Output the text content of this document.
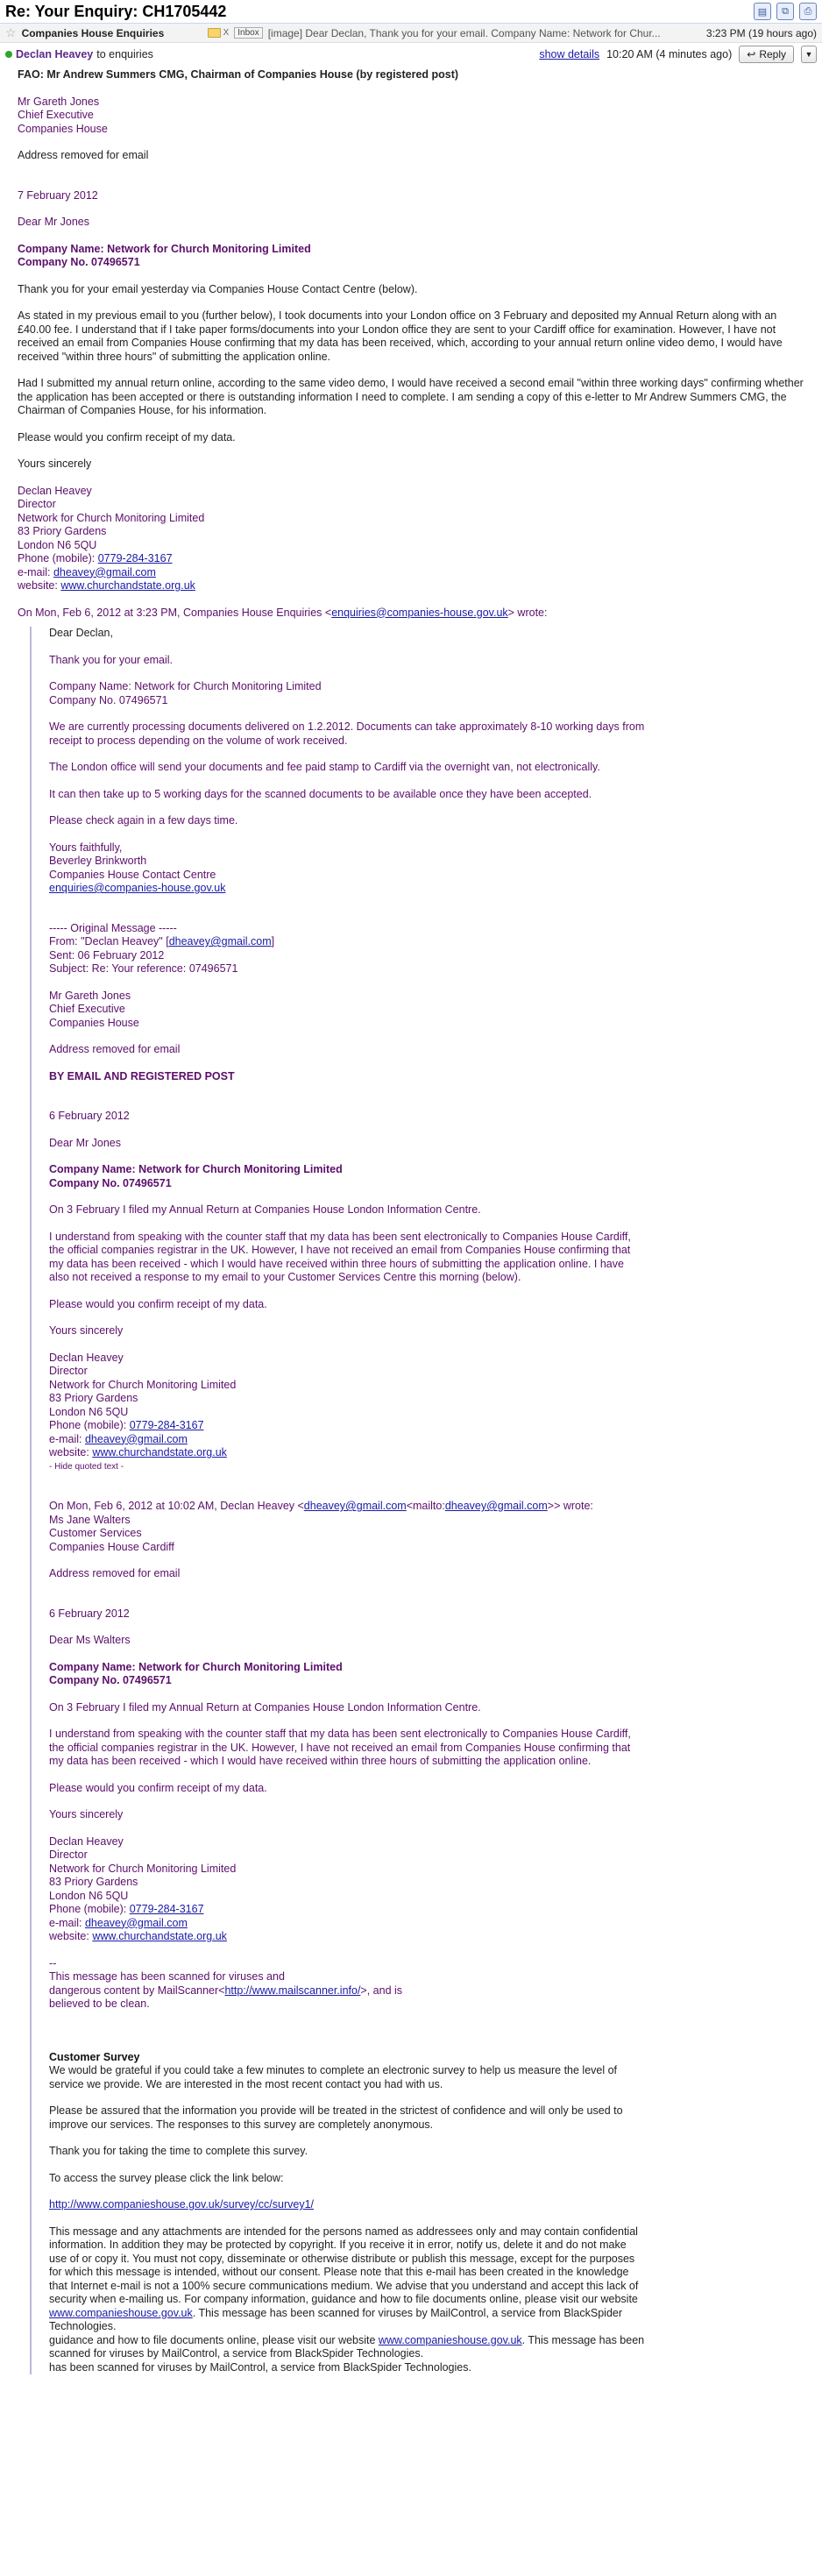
Re: Your Enquiry: CH1705442	▤	⧉	⎙
☆ Companies House Enquiries	X	Inbox [image] Dear Declan, Thank you for your email. Company Name: Network for Chur...	3:23 PM (19 hours ago)
Declan Heavey to enquiries	show details 10:20 AM (4 minutes ago) ↩ Reply ▼

FAO: Mr Andrew Summers CMG, Chairman of Companies House (by registered post)

Mr Gareth Jones

Chief Executive

Companies House

Address removed for email

7 February 2012

Dear Mr Jones

Company Name: Network for Church Monitoring Limited

Company No. 07496571

Thank you for your email yesterday via Companies House Contact Centre (below).

As stated in my previous email to you (further below), I took documents into your London office on 3 February and deposited my Annual Return along with an £40.00 fee. I understand that if I take paper forms/documents into your London office they are sent to your Cardiff office for examination. However, I have not received an email from Companies House confirming that my data has been received, which, according to your annual return online video demo, I would have received "within three hours" of submitting the application online.

Had I submitted my annual return online, according to the same video demo, I would have received a second email "within three working days" confirming whether the application has been accepted or there is outstanding information I need to complete. I am sending a copy of this e-letter to Mr Andrew Summers CMG, the Chairman of Companies House, for his information.

Please would you confirm receipt of my data.

Yours sincerely

Declan Heavey

Director

Network for Church Monitoring Limited

83 Priory Gardens

London N6 5QU

Phone (mobile): 0779-284-3167

e-mail: dheavey@gmail.com

website: www.churchandstate.org.uk

On Mon, Feb 6, 2012 at 3:23 PM, Companies House Enquiries <enquiries@companies-house.gov.uk> wrote:

Dear Declan,

Thank you for your email.

Company Name: Network for Church Monitoring Limited

Company No. 07496571

We are currently processing documents delivered on 1.2.2012. Documents can take approximately 8-10 working days from receipt to process depending on the volume of work received.

The London office will send your documents and fee paid stamp to Cardiff via the overnight van, not electronically.

It can then take up to 5 working days for the scanned documents to be available once they have been accepted.

Please check again in a few days time.

Yours faithfully,

Beverley Brinkworth

Companies House Contact Centre

enquiries@companies-house.gov.uk

----- Original Message -----

From: "Declan Heavey" [dheavey@gmail.com]

Sent: 06 February 2012

Subject: Re: Your reference: 07496571

Mr Gareth Jones

Chief Executive

Companies House

Address removed for email

BY EMAIL AND REGISTERED POST

6 February 2012

Dear Mr Jones

Company Name: Network for Church Monitoring Limited

Company No. 07496571

On 3 February I filed my Annual Return at Companies House London Information Centre.

I understand from speaking with the counter staff that my data has been sent electronically to Companies House Cardiff, the official companies registrar in the UK. However, I have not received an email from Companies House confirming that my data has been received - which I would have received within three hours of submitting the application online. I have also not received a response to my email to your Customer Services Centre this morning (below).

Please would you confirm receipt of my data.

Yours sincerely

Declan Heavey

Director

Network for Church Monitoring Limited

83 Priory Gardens

London N6 5QU

Phone (mobile): 0779-284-3167

e-mail: dheavey@gmail.com

website: www.churchandstate.org.uk

- Hide quoted text -

On Mon, Feb 6, 2012 at 10:02 AM, Declan Heavey <dheavey@gmail.com<mailto:dheavey@gmail.com>> wrote:

Ms Jane Walters

Customer Services

Companies House Cardiff

Address removed for email

6 February 2012

Dear Ms Walters

Company Name: Network for Church Monitoring Limited

Company No. 07496571

On 3 February I filed my Annual Return at Companies House London Information Centre.

I understand from speaking with the counter staff that my data has been sent electronically to Companies House Cardiff, the official companies registrar in the UK. However, I have not received an email from Companies House confirming that my data has been received - which I would have received within three hours of submitting the application online.

Please would you confirm receipt of my data.

Yours sincerely

Declan Heavey

Director

Network for Church Monitoring Limited

83 Priory Gardens

London N6 5QU

Phone (mobile): 0779-284-3167

e-mail: dheavey@gmail.com

website: www.churchandstate.org.uk

--

This message has been scanned for viruses and

dangerous content by MailScanner<http://www.mailscanner.info/>, and is

believed to be clean.

Customer Survey

We would be grateful if you could take a few minutes to complete an electronic survey to help us measure the level of service we provide. We are interested in the most recent contact you had with us.

Please be assured that the information you provide will be treated in the strictest of confidence and will only be used to improve our services. The responses to this survey are completely anonymous.

Thank you for taking the time to complete this survey.

To access the survey please click the link below:

http://www.companieshouse.gov.uk/survey/cc/survey1/

This message and any attachments are intended for the persons named as addressees only and may contain confidential information. In addition they may be protected by copyright. If you receive it in error, notify us, delete it and do not make use of or copy it. You must not copy, disseminate or otherwise distribute or publish this message, except for the purposes for which this message is intended, without our consent. Please note that this e-mail has been created in the knowledge that Internet e-mail is not a 100% secure communications medium. We advise that you understand and accept this lack of security when e-mailing us. For company information, guidance and how to file documents online, please visit our website www.companieshouse.gov.uk. This message has been scanned for viruses by MailControl, a service from BlackSpider Technologies.

guidance and how to file documents online, please visit our website www.companieshouse.gov.uk. This message has been scanned for viruses by MailControl, a service from BlackSpider Technologies.

has been scanned for viruses by MailControl, a service from BlackSpider Technologies.
